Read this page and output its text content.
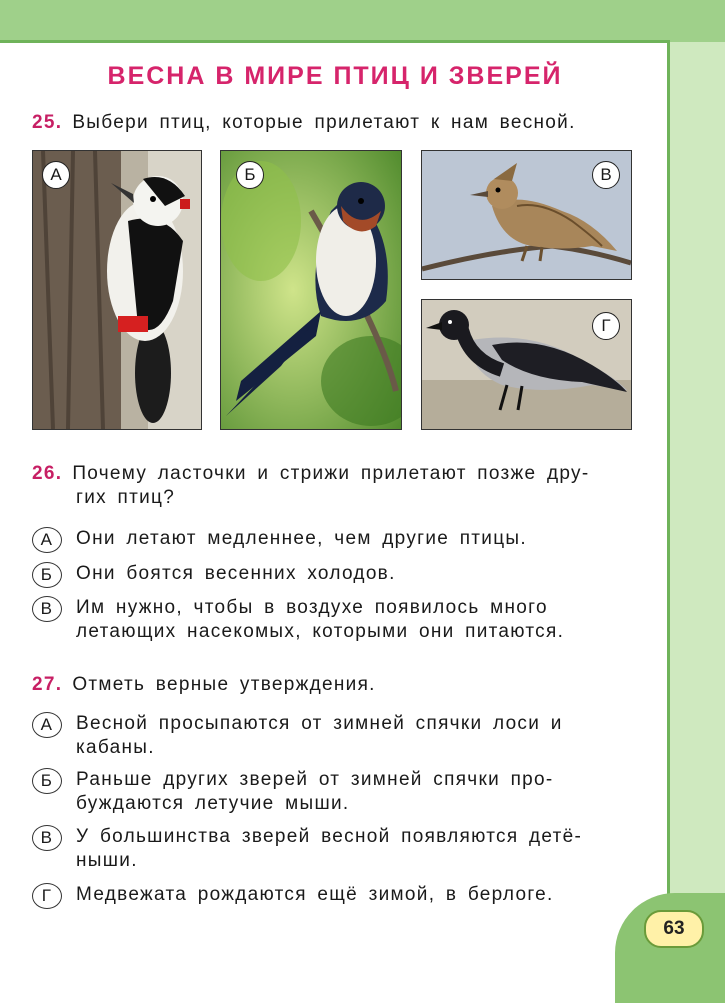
63
ВЕСНА В МИРЕ ПТИЦ И ЗВЕРЕЙ
25. Выбери птиц, которые прилетают к нам весной.
А	Б	В
Г
26. Почему ласточки и стрижи прилетают позже дру-
гих птиц?
А	Они летают медленнее, чем другие птицы.
Б	Они боятся весенних холодов.
В	Им нужно, чтобы в воздухе появилось много
летающих насекомых, которыми они питаются.
27. Отметь верные утверждения.
А	Весной просыпаются от зимней спячки лоси и
кабаны.
Б	Раньше других зверей от зимней спячки про-
буждаются летучие мыши.
В	У большинства зверей весной появляются детё-
ныши.
Г	Медвежата рождаются ещё зимой, в берлоге.
